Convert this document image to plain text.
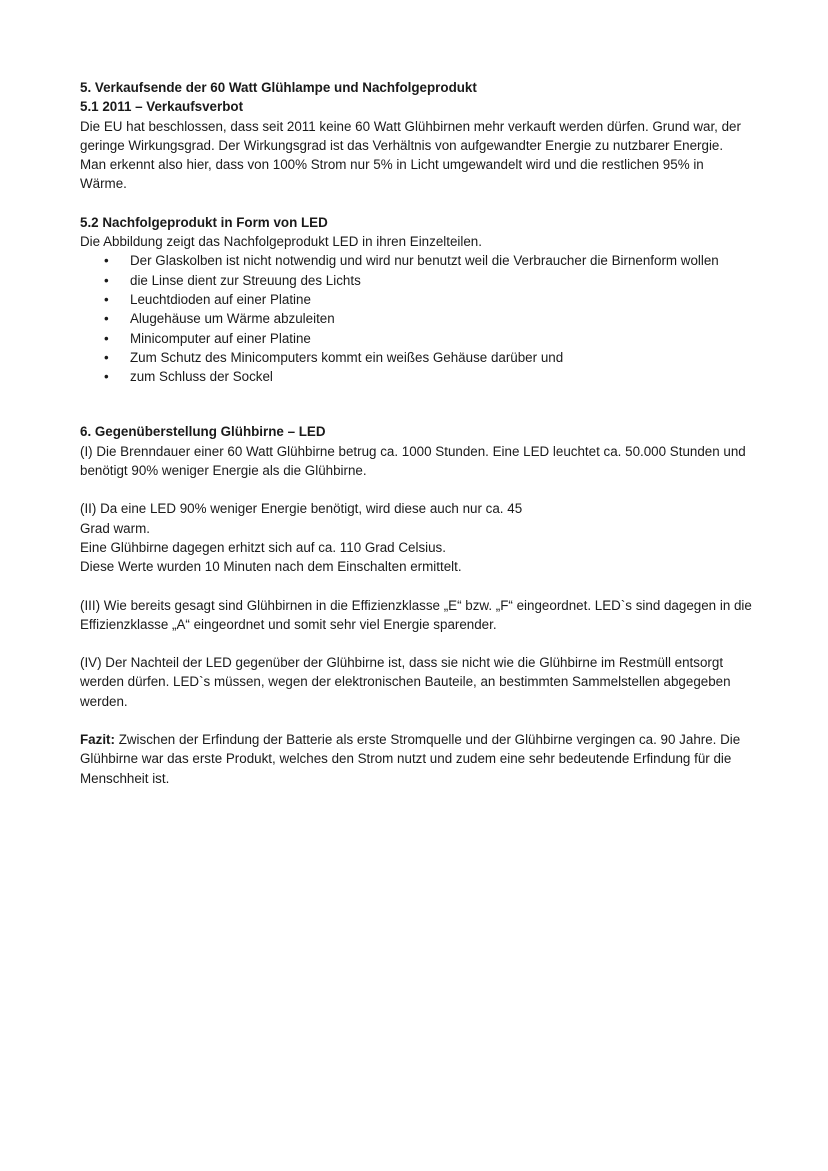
5. Verkaufsende der 60 Watt Glühlampe und Nachfolgeprodukt

5.1 2011 – Verkaufsverbot

Die EU hat beschlossen, dass seit 2011 keine 60 Watt Glühbirnen mehr verkauft werden dürfen. Grund war, der geringe Wirkungsgrad. Der Wirkungsgrad ist das Verhältnis von aufgewandter Energie zu nutzbarer Energie. Man erkennt also hier, dass von 100% Strom nur 5% in Licht umgewandelt wird und die restlichen 95% in Wärme.

5.2 Nachfolgeprodukt in Form von LED

Die Abbildung zeigt das Nachfolgeprodukt LED in ihren Einzelteilen.

• Der Glaskolben ist nicht notwendig und wird nur benutzt weil die Verbraucher die Birnenform wollen
• die Linse dient zur Streuung des Lichts
• Leuchtdioden auf einer Platine
• Alugehäuse um Wärme abzuleiten
• Minicomputer auf einer Platine
• Zum Schutz des Minicomputers kommt ein weißes Gehäuse darüber und
• zum Schluss der Sockel

6. Gegenüberstellung Glühbirne – LED

(I) Die Brenndauer einer 60 Watt Glühbirne betrug ca. 1000 Stunden. Eine LED leuchtet ca. 50.000 Stunden und benötigt 90% weniger Energie als die Glühbirne.

(II) Da eine LED 90% weniger Energie benötigt, wird diese auch nur ca. 45
Grad warm.
Eine Glühbirne dagegen erhitzt sich auf ca. 110 Grad Celsius.
Diese Werte wurden 10 Minuten nach dem Einschalten ermittelt.

(III) Wie bereits gesagt sind Glühbirnen in die Effizienzklasse „E“ bzw. „F“ eingeordnet. LED`s sind dagegen in die Effizienzklasse „A“ eingeordnet und somit sehr viel Energie sparender.

(IV) Der Nachteil der LED gegenüber der Glühbirne ist, dass sie nicht wie die Glühbirne im Restmüll entsorgt werden dürfen. LED`s müssen, wegen der elektronischen Bauteile, an bestimmten Sammelstellen abgegeben werden.

Fazit: Zwischen der Erfindung der Batterie als erste Stromquelle und der Glühbirne vergingen ca. 90 Jahre. Die Glühbirne war das erste Produkt, welches den Strom nutzt und zudem eine sehr bedeutende Erfindung für die Menschheit ist.
